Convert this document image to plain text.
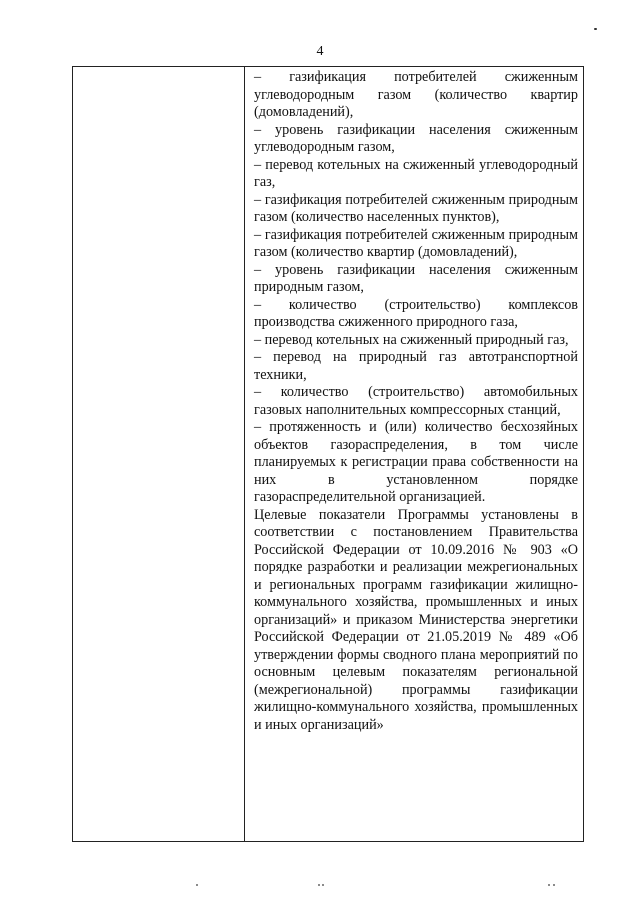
4

– газификация потребителей сжиженным углеводородным газом (количество квартир (домовладений),

– уровень газификации населения сжиженным углеводородным газом,

– перевод котельных на сжиженный углеводородный газ,

– газификация потребителей сжиженным природным газом (количество населенных пунктов),

– газификация потребителей сжиженным природным газом (количество квартир (домовладений),

– уровень газификации населения сжиженным природным газом,

– количество (строительство) комплексов производства сжиженного природного газа,

– перевод котельных на сжиженный природный газ,

– перевод на природный газ автотранспортной техники,

– количество (строительство) автомобильных газовых наполнительных компрессорных станций,

– протяженность и (или) количество бесхозяйных объектов газораспределения, в том числе планируемых к регистрации права собственности на них в установленном порядке газораспределительной организацией.

Целевые показатели Программы установлены в соответствии с постановлением Правительства Российской Федерации от 10.09.2016 № 903 «О порядке разработки и реализации межрегиональных и региональных программ газификации жилищно-коммунального хозяйства, промышленных и иных организаций» и приказом Министерства энергетики Российской Федерации от 21.05.2019 № 489 «Об утверждении формы сводного плана мероприятий по основным целевым показателям региональной (межрегиональной) программы газификации жилищно-коммунального хозяйства, промышленных и иных организаций»
